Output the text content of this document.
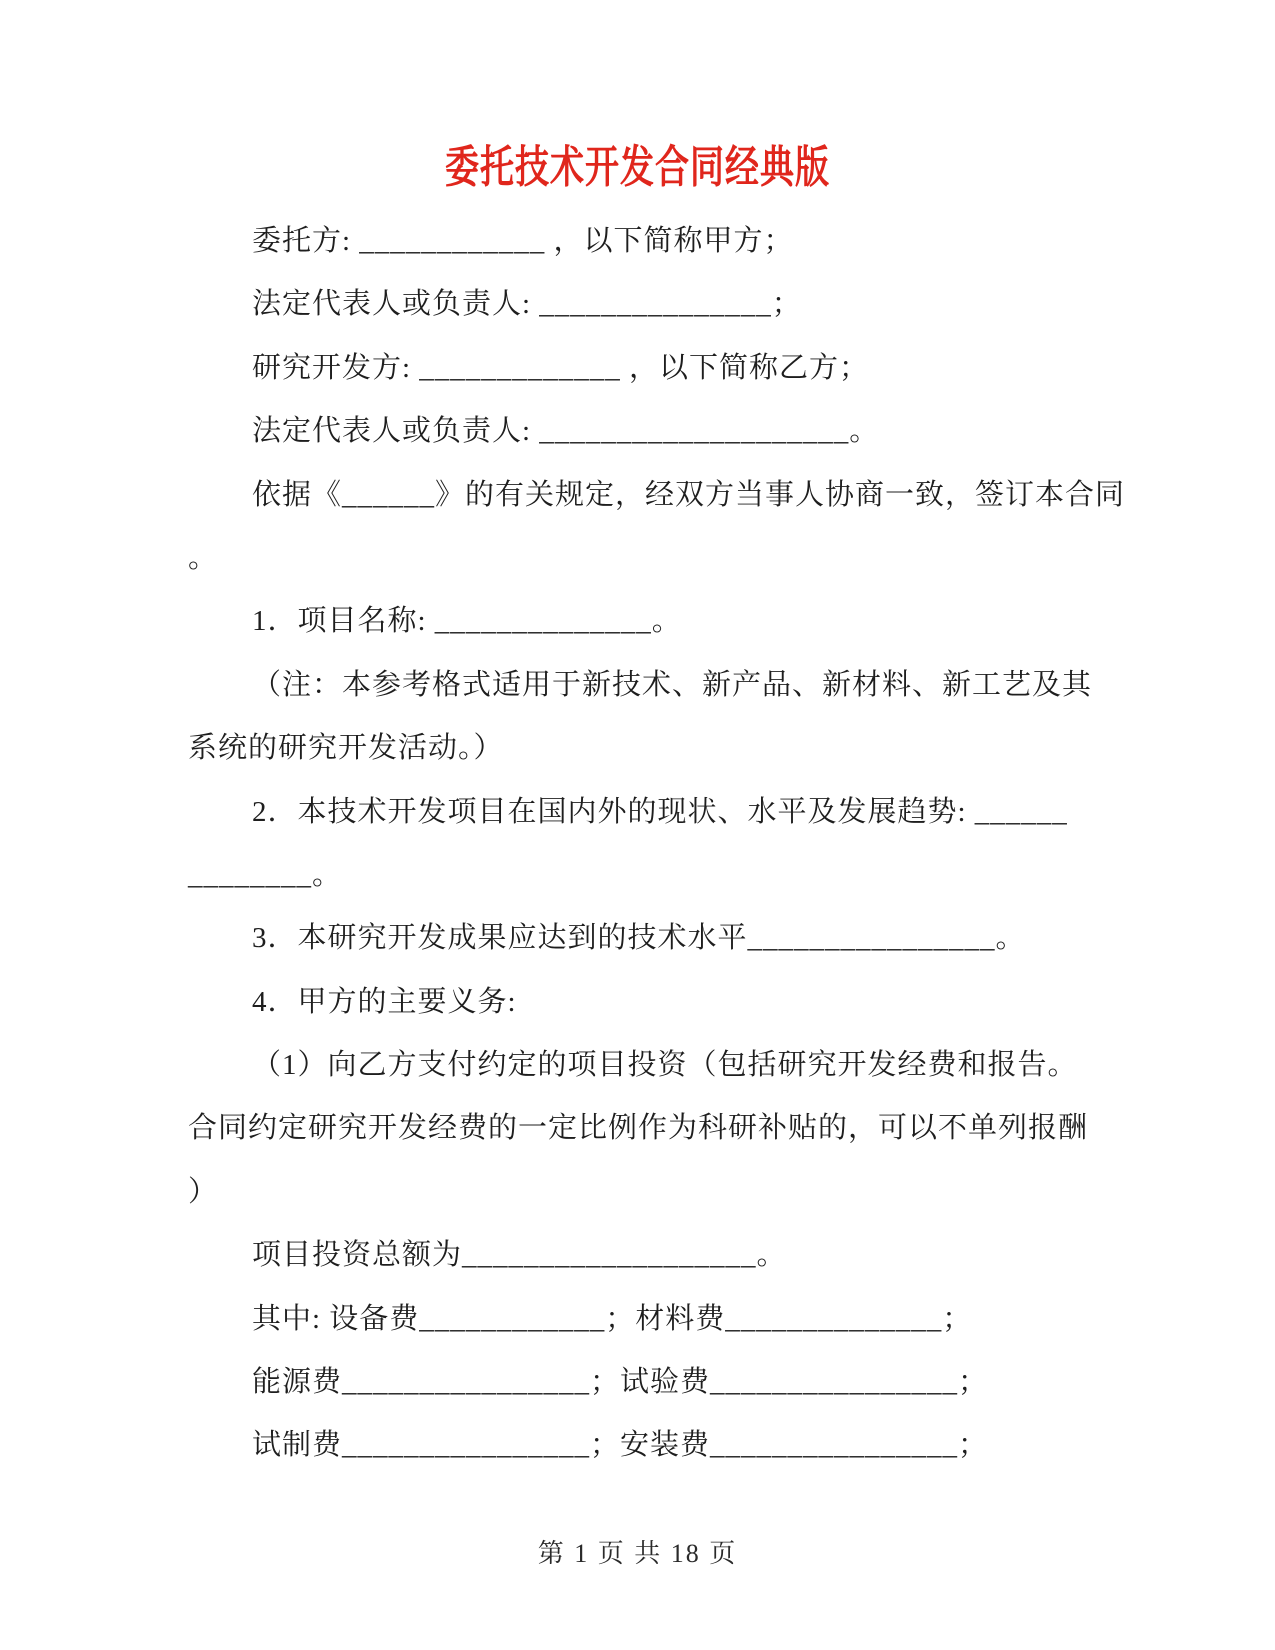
委托技术开发合同经典版

委托方: ____________ ，以下简称甲方；

法定代表人或负责人: _______________；

研究开发方: _____________ ，以下简称乙方；

法定代表人或负责人: ____________________。

依据《______》的有关规定，经双方当事人协商一致，签订本合同

。

1．项目名称: ______________。

（注：本参考格式适用于新技术、新产品、新材料、新工艺及其

系统的研究开发活动。）

2．本技术开发项目在国内外的现状、水平及发展趋势: ______

________。

3．本研究开发成果应达到的技术水平________________。

4．甲方的主要义务:

（1）向乙方支付约定的项目投资（包括研究开发经费和报告。

合同约定研究开发经费的一定比例作为科研补贴的，可以不单列报酬

）

项目投资总额为___________________。

其中: 设备费____________；材料费______________；

能源费________________；试验费________________；

试制费________________；安装费________________；

第 1 页 共 18 页
